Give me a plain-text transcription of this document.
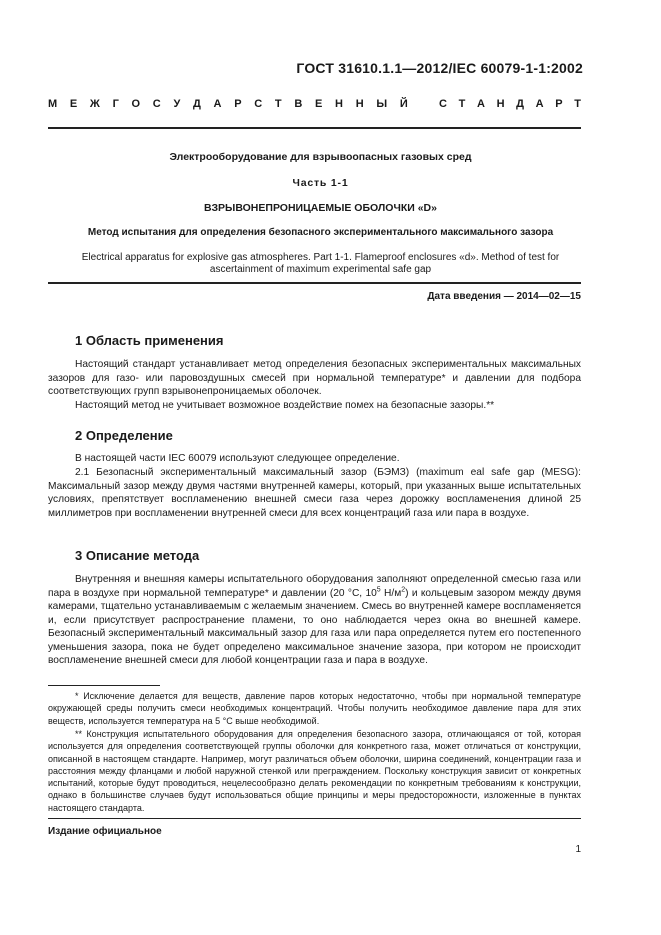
ГОСТ 31610.1.1—2012/IEC 60079-1-1:2002
М Е Ж Г О С У Д А Р С Т В Е Н Н Ы Й	С Т А Н Д А Р Т
Электрооборудование для взрывоопасных газовых сред
Часть 1-1
ВЗРЫВОНЕПРОНИЦАЕМЫЕ ОБОЛОЧКИ «D»
Метод испытания для определения безопасного экспериментального максимального зазора
Electrical apparatus for explosive gas atmospheres. Part 1-1. Flameproof enclosures «d». Method of test for ascertainment of maximum experimental safe gap
Дата введения — 2014—02—15
1 Область применения
Настоящий стандарт устанавливает метод определения безопасных экспериментальных максимальных зазоров для газо- или паровоздушных смесей при нормальной температуре* и давлении для подбора соответствующих групп взрывонепроницаемых оболочек.
Настоящий метод не учитывает возможное воздействие помех на безопасные зазоры.**
2 Определение
В настоящей части IEC 60079 используют следующее определение.
2.1 Безопасный экспериментальный максимальный зазор (БЭМЗ) (maximum eal safe gap (MESG): Максимальный зазор между двумя частями внутренней камеры, который, при указанных выше испытательных условиях, препятствует воспламенению внешней смеси газа через дорожку воспламенения длиной 25 миллиметров при воспламенении внутренней смеси для всех концентраций газа или пара в воздухе.
3 Описание метода
Внутренняя и внешняя камеры испытательного оборудования заполняют определенной смесью газа или пара в воздухе при нормальной температуре* и давлении (20 °С, $10^5$ $Н/м^2$) и кольцевым зазором между двумя камерами, тщательно устанавливаемым с желаемым значением. Смесь во внутренней камере воспламеняется и, если присутствует распространение пламени, то оно наблюдается через окна во внешней камере. Безопасный экспериментальный максимальный зазор для газа или пара определяется путем его постепенного уменьшения зазора, пока не будет определено максимальное значение зазора, при котором не происходит воспламенение внешней смеси для любой концентрации газа и пара в воздухе.
* Исключение делается для веществ, давление паров которых недостаточно, чтобы при нормальной температуре окружающей среды получить смеси необходимых концентраций. Чтобы получить необходимое давление пара для этих веществ, используется температура на 5 °С выше необходимой.
** Конструкция испытательного оборудования для определения безопасного зазора, отличающаяся от той, которая используется для определения соответствующей группы оболочки для конкретного газа, может отличаться от конструкции, описанной в настоящем стандарте. Например, могут различаться объем оболочки, ширина соединений, концентрации газа и расстояния между фланцами и любой наружной стенкой или преграждением. Поскольку конструкция зависит от конкретных испытаний, которые будут проводиться, нецелесообразно делать рекомендации по конкретным требованиям к конструкции, однако в большинстве случаев будут использоваться общие принципы и меры предосторожности, изложенные в пунктах настоящего стандарта.
Издание официальное
1
